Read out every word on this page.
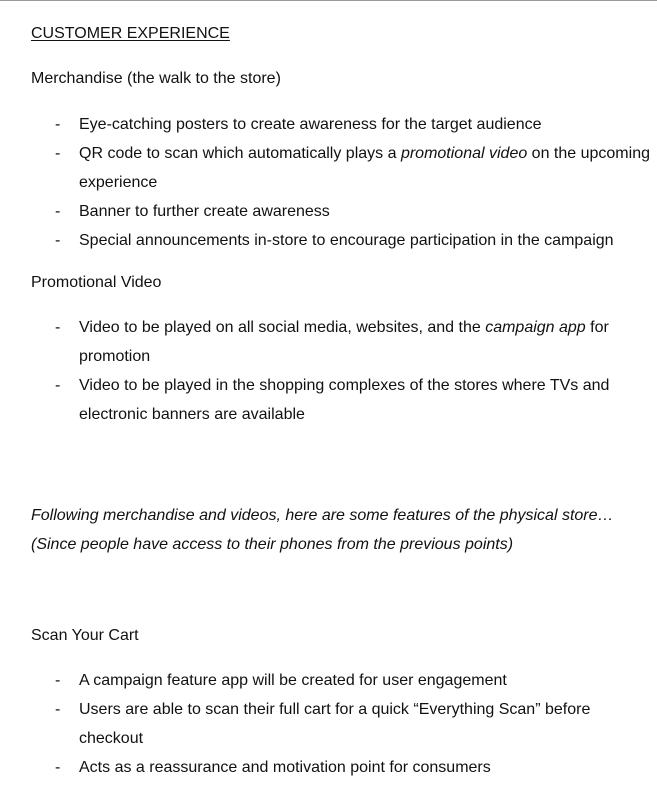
CUSTOMER EXPERIENCE
Merchandise (the walk to the store)
- Eye-catching posters to create awareness for the target audience
- QR code to scan which automatically plays a promotional video on the upcoming experience
- Banner to further create awareness
- Special announcements in-store to encourage participation in the campaign
Promotional Video
- Video to be played on all social media, websites, and the campaign app for promotion
- Video to be played in the shopping complexes of the stores where TVs and electronic banners are available

Following merchandise and videos, here are some features of the physical store…

(Since people have access to their phones from the previous points)

Scan Your Cart
- A campaign feature app will be created for user engagement
- Users are able to scan their full cart for a quick “Everything Scan” before checkout
- Acts as a reassurance and motivation point for consumers
